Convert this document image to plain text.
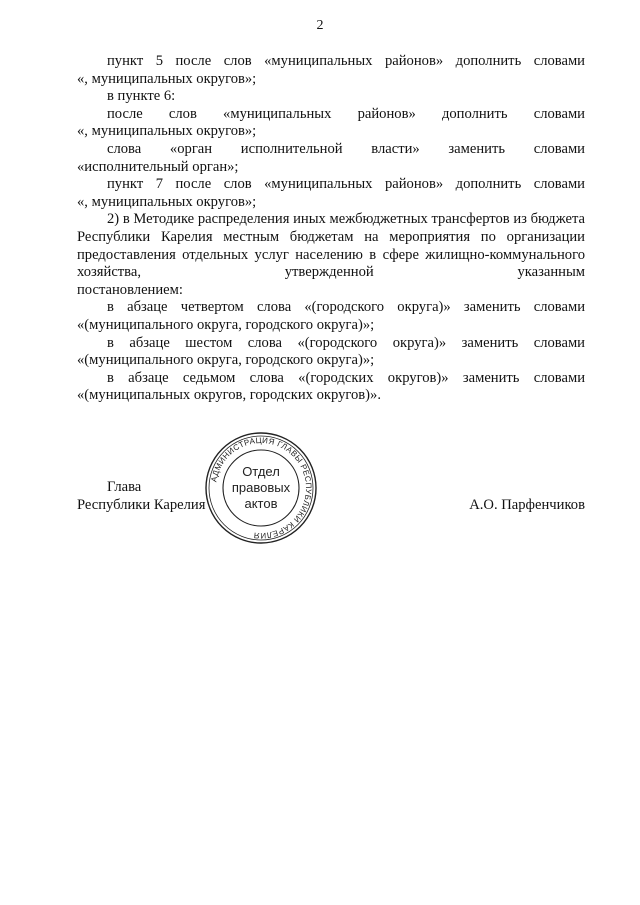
2

пункт 5 после слов «муниципальных районов» дополнить словами

«, муниципальных округов»;

в пункте 6:

после слов «муниципальных районов» дополнить словами

«, муниципальных округов»;

слова «орган исполнительной власти» заменить словами

«исполнительный орган»;

пункт 7 после слов «муниципальных районов» дополнить словами

«, муниципальных округов»;

2) в Методике распределения иных межбюджетных трансфертов из бюджета Республики Карелия местным бюджетам на мероприятия по организации предоставления отдельных услуг населению в сфере жилищно-коммунального хозяйства, утвержденной указанным

постановлением:

в абзаце четвертом слова «(городского округа)» заменить словами

«(муниципального округа, городского округа)»;

в абзаце шестом слова «(городского округа)» заменить словами

«(муниципального округа, городского округа)»;

в абзаце седьмом слова «(городских округов)» заменить словами

«(муниципальных округов, городских округов)».

Глава
Республики Карелия	А.О. Парфенчиков
АДМИНИСТРАЦИЯ ГЛАВЫ РЕСПУБЛИКИ КАРЕЛИЯ
Отдел
правовых
актов
